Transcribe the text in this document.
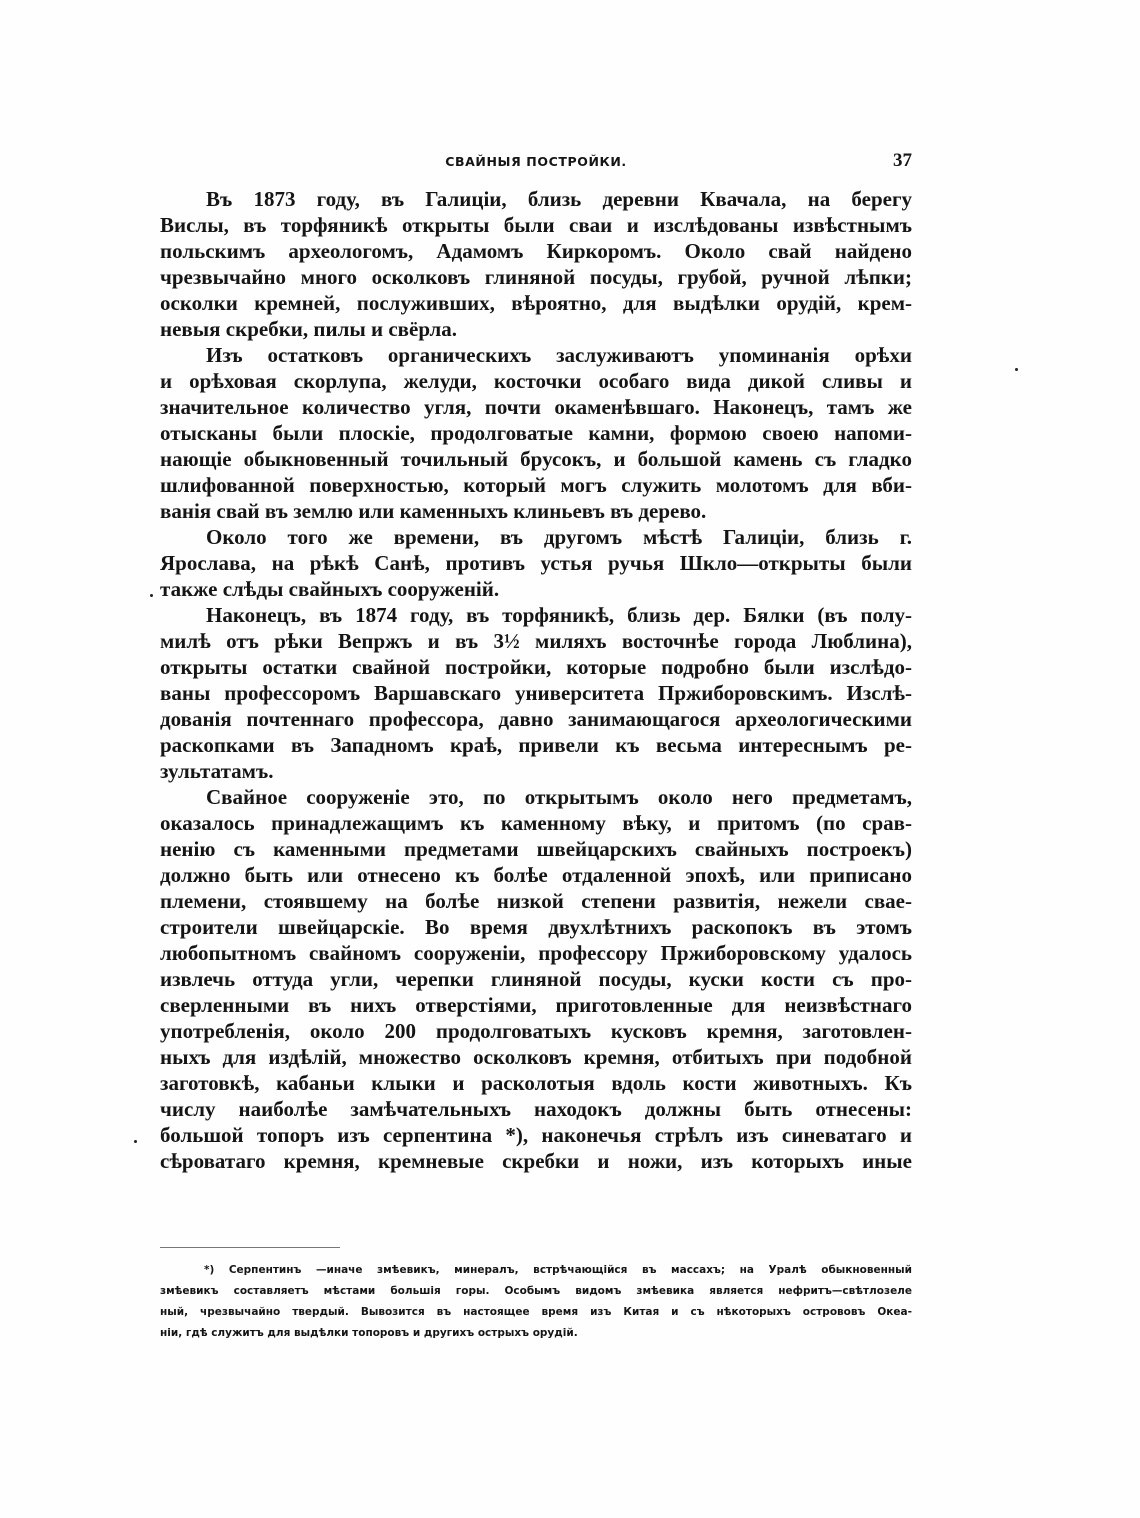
СВАЙНЫЯ ПОСТРОЙКИ.	37
Въ 1873 году, въ Галиціи, близь деревни Квачала, на берегу
Вислы, въ торфяникѣ открыты были сваи и изслѣдованы извѣстнымъ
польскимъ археологомъ, Адамомъ Киркоромъ. Около свай найдено
чрезвычайно много осколковъ глиняной посуды, грубой, ручной лѣпки;
осколки кремней, послуживших, вѣроятно, для выдѣлки орудій, крем-
невыя скребки, пилы и свёрла.
Изъ остатковъ органическихъ заслуживаютъ упоминанія орѣхи
и орѣховая скорлупа, желуди, косточки особаго вида дикой сливы и
значительное количество угля, почти окаменѣвшаго. Наконецъ, тамъ же
отысканы были плоскіе, продолговатые камни, формою своею напоми-
нающіе обыкновенный точильный брусокъ, и большой камень съ гладко
шлифованной поверхностью, который могъ служить молотомъ для вби-
ванія свай въ землю или каменныхъ клиньевъ въ дерево.
Около того же времени, въ другомъ мѣстѣ Галиціи, близь г.
Ярослава, на рѣкѣ Санѣ, противъ устья ручья Шкло—открыты были
также слѣды свайныхъ сооруженій.
Наконецъ, въ 1874 году, въ торфяникѣ, близь дер. Бялки (въ полу-
милѣ отъ рѣки Вепржъ и въ 3½ миляхъ восточнѣе города Люблина),
открыты остатки свайной постройки, которые подробно были изслѣдо-
ваны профессоромъ Варшавскаго университета Пржиборовскимъ. Изслѣ-
дованія почтеннаго профессора, давно занимающагося археологическими
раскопками въ Западномъ краѣ, привели къ весьма интереснымъ ре-
зультатамъ.
Свайное сооруженіе это, по открытымъ около него предметамъ,
оказалось принадлежащимъ къ каменному вѣку, и притомъ (по срав-
ненію съ каменными предметами швейцарскихъ свайныхъ построекъ)
должно быть или отнесено къ болѣе отдаленной эпохѣ, или приписано
племени, стоявшему на болѣе низкой степени развитія, нежели свае-
строители швейцарскіе. Во время двухлѣтнихъ раскопокъ въ этомъ
любопытномъ свайномъ сооруженіи, профессору Пржиборовскому удалось
извлечь оттуда угли, черепки глиняной посуды, куски кости съ про-
сверленными въ нихъ отверстіями, приготовленные для неизвѣстнаго
употребленія, около 200 продолговатыхъ кусковъ кремня, заготовлен-
ныхъ для издѣлій, множество осколковъ кремня, отбитыхъ при подобной
заготовкѣ, кабаньи клыки и расколотыя вдоль кости животныхъ. Къ
числу наиболѣе замѣчательныхъ находокъ должны быть отнесены:
большой топоръ изъ серпентина *), наконечья стрѣлъ изъ синеватаго и
сѣроватаго кремня, кремневые скребки и ножи, изъ которыхъ иные
*) Серпентинъ —иначе змѣевикъ, минералъ, встрѣчающійся въ массахъ; на Уралѣ обыкновенный
змѣевикъ составляетъ мѣстами большія горы. Особымъ видомъ змѣевика является нефритъ—свѣтлозеле
ный, чрезвычайно твердый. Вывозится въ настоящее время изъ Китая и съ нѣкоторыхъ острововъ Океа-
ніи, гдѣ служитъ для выдѣлки топоровъ и другихъ острыхъ орудій.
